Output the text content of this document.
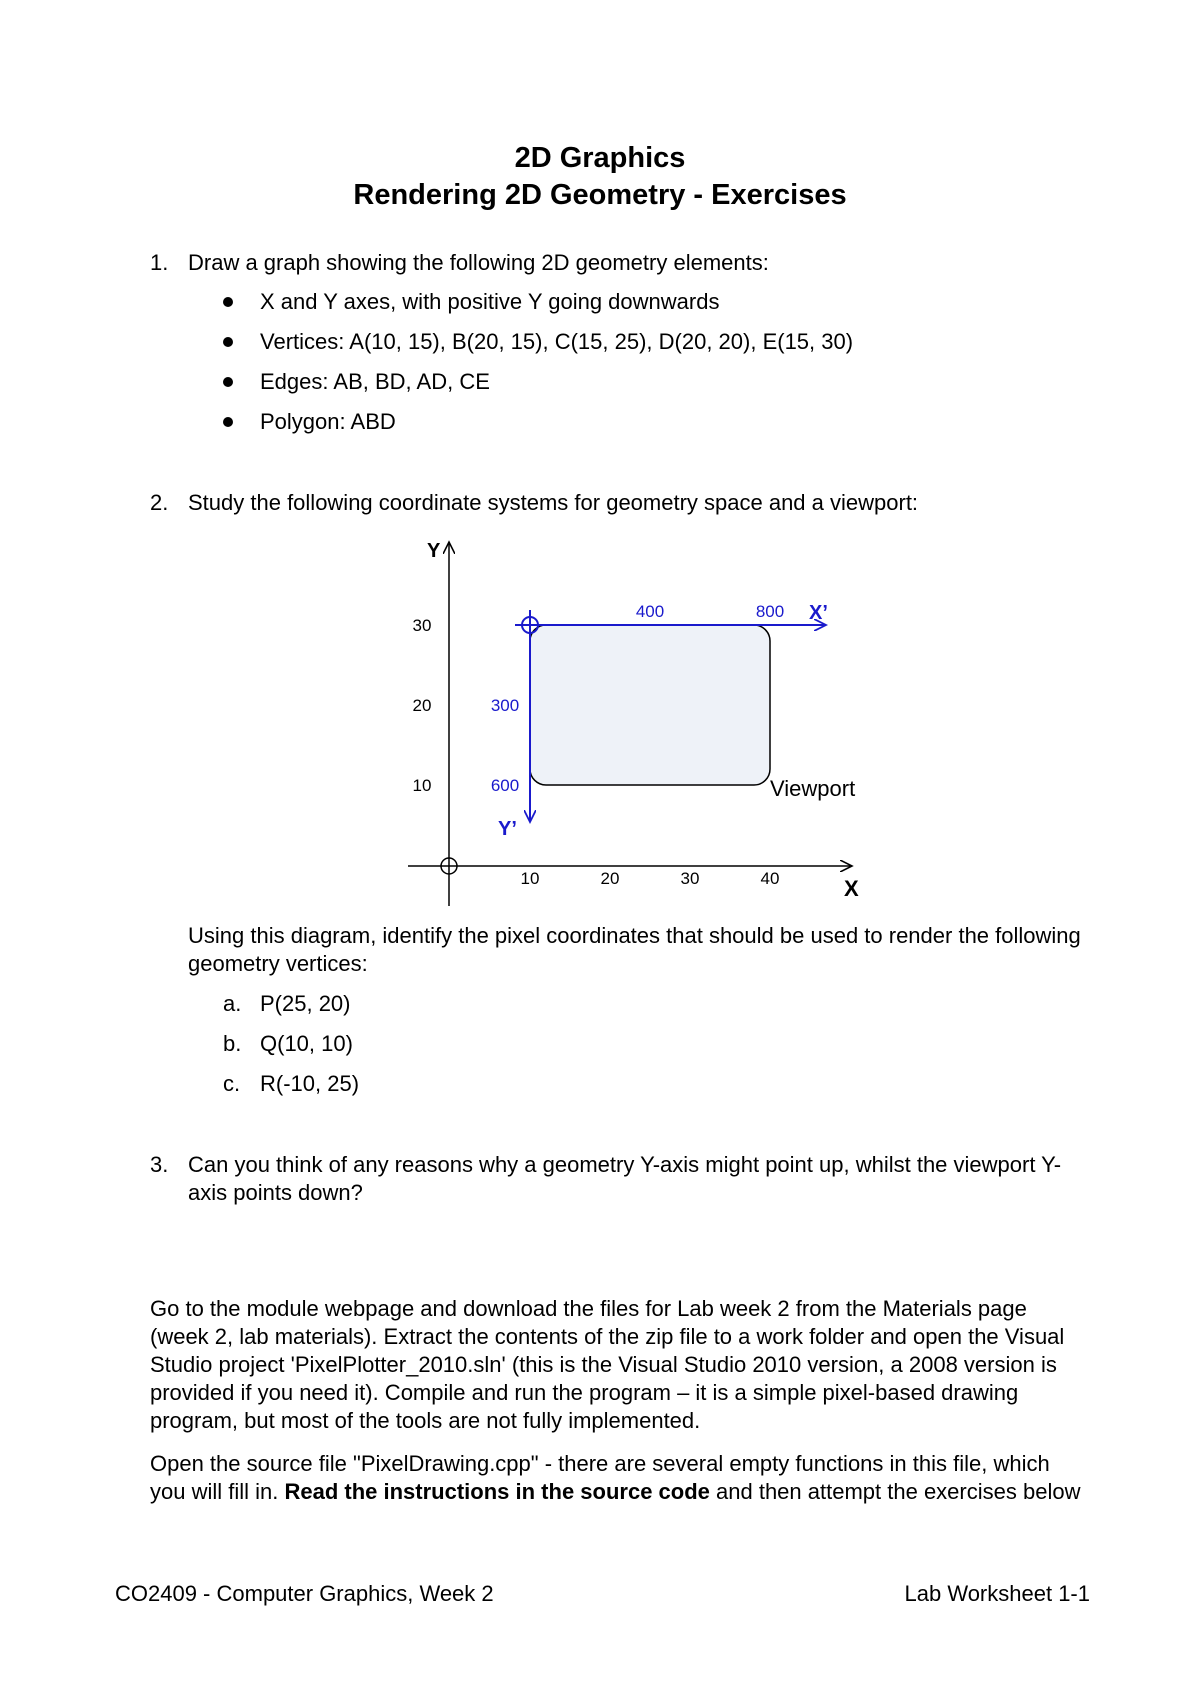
2D Graphics
Rendering 2D Geometry - Exercises
1. Draw a graph showing the following 2D geometry elements:
X and Y axes, with positive Y going downwards
Vertices: A(10, 15), B(20, 15), C(15, 25), D(20, 20), E(15, 30)
Edges: AB, BD, AD, CE
Polygon: ABD
2. Study the following coordinate systems for geometry space and a viewport:
Y
X
30
20
10
10	20	30	40
400	800 X’
300
600
Y’
Viewport
Using this diagram, identify the pixel coordinates that should be used to render the following geometry vertices:
a. P(25, 20)
b. Q(10, 10)
c. R(-10, 25)
3. Can you think of any reasons why a geometry Y-axis might point up, whilst the viewport Y-axis points down?
Go to the module webpage and download the files for Lab week 2 from the Materials page (week 2, lab materials). Extract the contents of the zip file to a work folder and open the Visual Studio project 'PixelPlotter_2010.sln' (this is the Visual Studio 2010 version, a 2008 version is provided if you need it). Compile and run the program – it is a simple pixel-based drawing program, but most of the tools are not fully implemented.
Open the source file "PixelDrawing.cpp" - there are several empty functions in this file, which you will fill in. Read the instructions in the source code and then attempt the exercises below
CO2409 - Computer Graphics, Week 2	Lab Worksheet 1-1
